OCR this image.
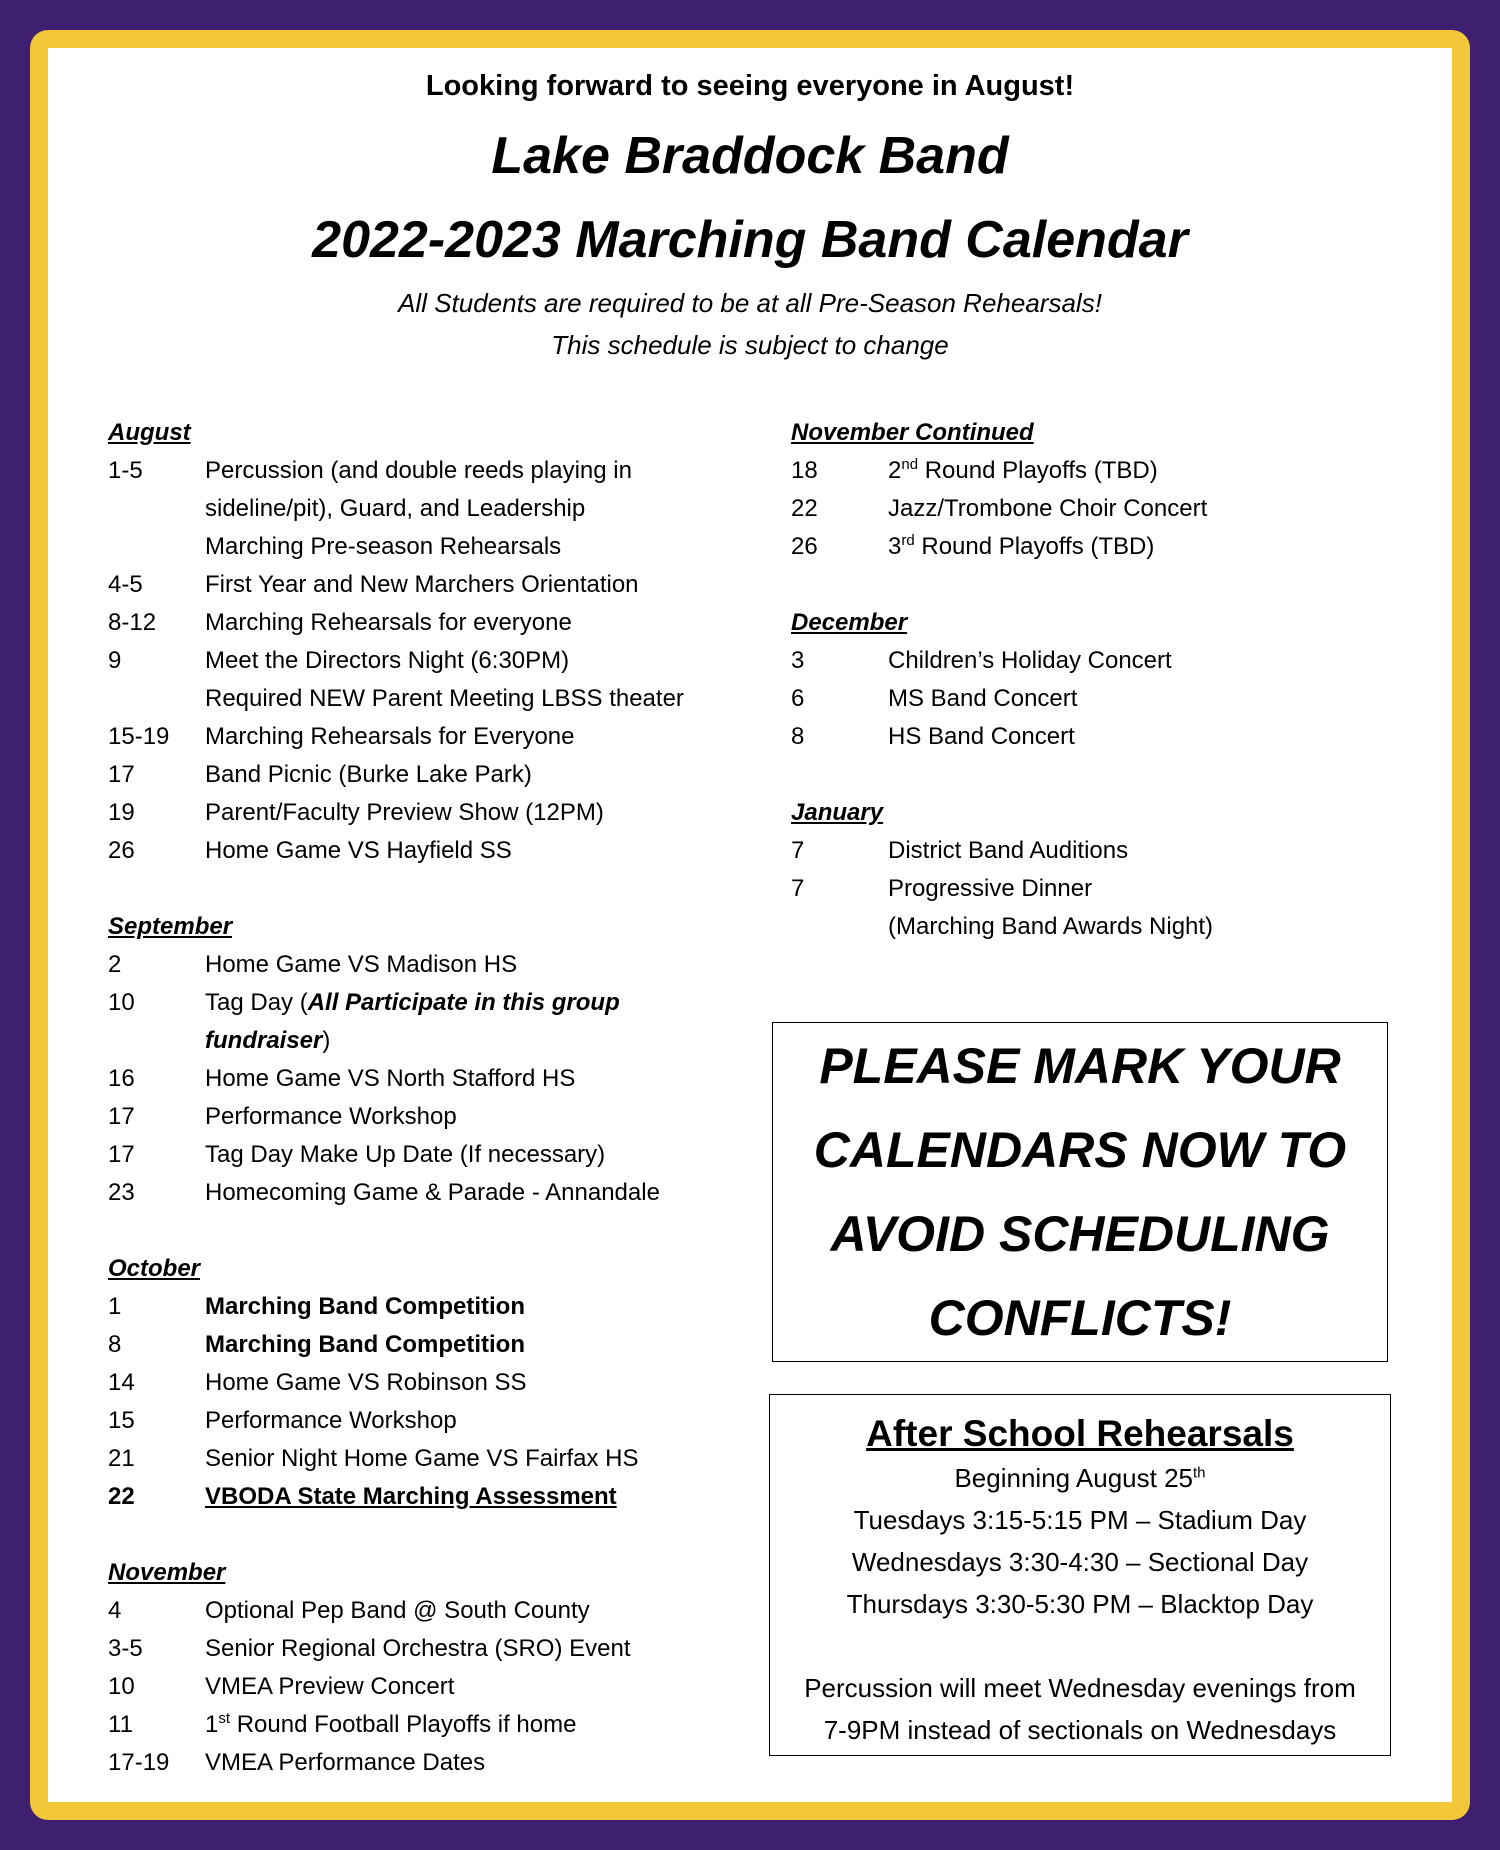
Looking forward to seeing everyone in August!
Lake Braddock Band
2022-2023 Marching Band Calendar
All Students are required to be at all Pre-Season Rehearsals!
This schedule is subject to change
August
1-5	Percussion (and double reeds playing in
sideline/pit), Guard, and Leadership
Marching Pre-season Rehearsals
4-5	First Year and New Marchers Orientation
8-12	Marching Rehearsals for everyone
9	Meet the Directors Night (6:30PM)
Required NEW Parent Meeting LBSS theater
15-19	Marching Rehearsals for Everyone
17	Band Picnic (Burke Lake Park)
19	Parent/Faculty Preview Show (12PM)
26	Home Game VS Hayfield SS
September
2	Home Game VS Madison HS
10	Tag Day (All Participate in this group
fundraiser)
16	Home Game VS North Stafford HS
17	Performance Workshop
17	Tag Day Make Up Date (If necessary)
23	Homecoming Game & Parade - Annandale
October
1	Marching Band Competition
8	Marching Band Competition
14	Home Game VS Robinson SS
15	Performance Workshop
21	Senior Night Home Game VS Fairfax HS
22	VBODA State Marching Assessment
November
4	Optional Pep Band @ South County
3-5	Senior Regional Orchestra (SRO) Event
10	VMEA Preview Concert
11	1st Round Football Playoffs if home
17-19	VMEA Performance Dates
November Continued
18	2nd Round Playoffs (TBD)
22	Jazz/Trombone Choir Concert
26	3rd Round Playoffs (TBD)
December
3	Children’s Holiday Concert
6	MS Band Concert
8	HS Band Concert
January
7	District Band Auditions
7	Progressive Dinner
(Marching Band Awards Night)
PLEASE MARK YOUR
CALENDARS NOW TO
AVOID SCHEDULING
CONFLICTS!
After School Rehearsals
Beginning August 25th
Tuesdays 3:15-5:15 PM – Stadium Day
Wednesdays 3:30-4:30 – Sectional Day
Thursdays 3:30-5:30 PM – Blacktop Day
Percussion will meet Wednesday evenings from
7-9PM instead of sectionals on Wednesdays
